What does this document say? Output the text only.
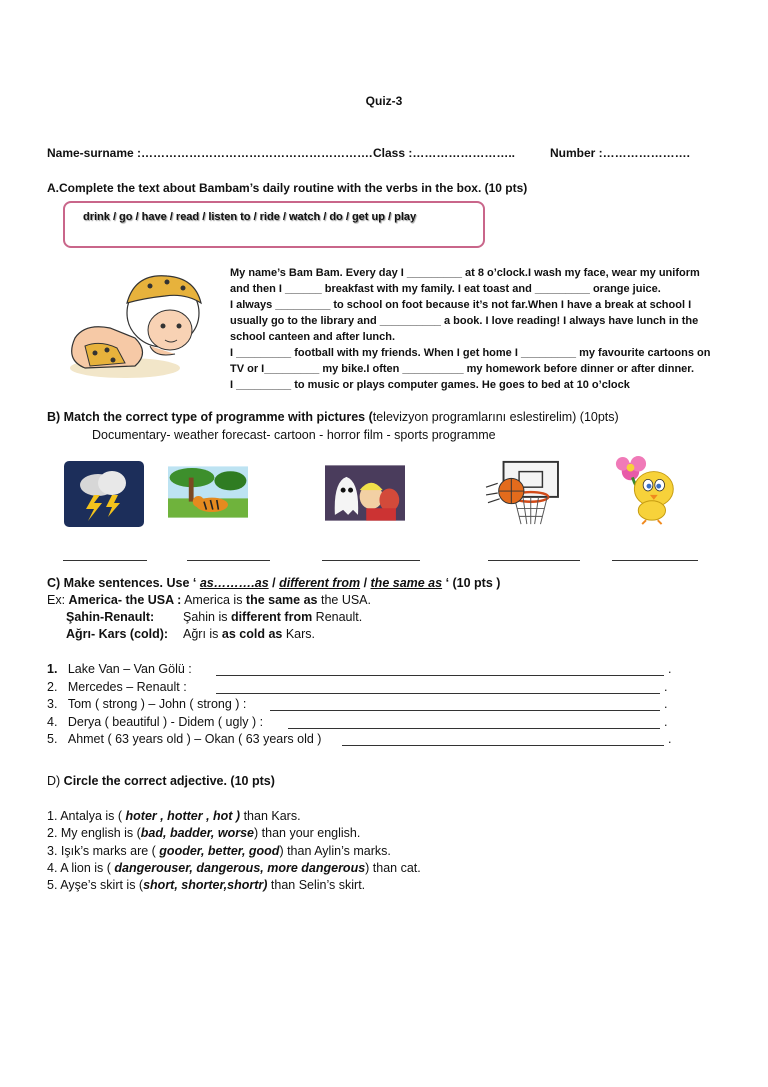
Quiz-3
Name-surname :…………………………………………………. Class :……………………..	Number :………………….
A.Complete the text about Bambam’s daily routine with the verbs in the box. (10 pts)
drink / go / have / read / listen to / ride / watch / do / get up / play
My name’s Bam Bam. Every day I _________ at 8 o’clock.I wash my face, wear my uniform
and then I ______ breakfast with my family. I eat toast and _________ orange juice.
I always _________ to school on foot because it’s not far.When I have a break at school I
usually go to the library and __________ a book. I love reading! I always have lunch in the
school canteen and after lunch.
I _________ football with my friends. When I get home I _________ my favourite cartoons on
TV or I_________ my bike.I often __________ my homework before dinner or after dinner.
I _________ to music or plays computer games. He goes to bed at 10 o’clock
B) Match the correct type of programme with pictures (televizyon programlarını eslestirelim) (10pts)
Documentary- weather forecast- cartoon - horror film - sports programme
C) Make sentences. Use ‘ as……….as / different from / the same as ‘ (10 pts )
Ex: America- the USA : America is the same as the USA.
Şahin-Renault: Şahin is different from Renault.
Ağrı- Kars (cold): Ağrı is as cold as Kars.
1. Lake Van – Van Gölü :	.
2. Mercedes – Renault :	.
3. Tom ( strong ) – John ( strong ) :	.
4. Derya ( beautiful ) - Didem ( ugly ) :	.
5. Ahmet ( 63 years old ) – Okan ( 63 years old )	.
D) Circle the correct adjective. (10 pts)
1. Antalya is ( hoter , hotter , hot ) than Kars.
2. My english is (bad, badder, worse) than your english.
3. Işık’s marks are ( gooder, better, good) than Aylin’s marks.
4. A lion is ( dangerouser, dangerous, more dangerous) than cat.
5. Ayşe’s skirt is (short, shorter,shortr) than Selin’s skirt.
